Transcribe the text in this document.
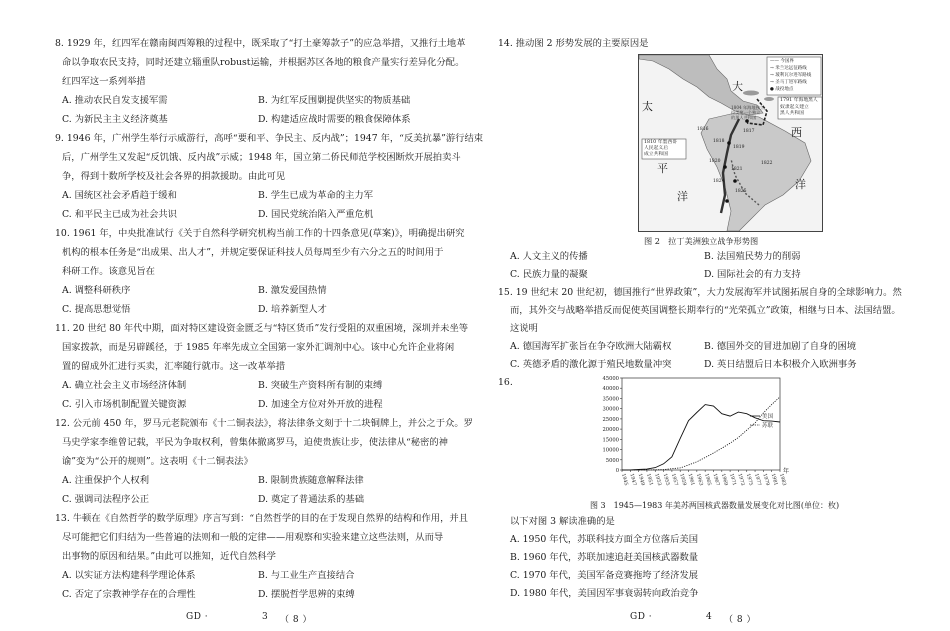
8. 1929 年，红四军在赣南闽西筹粮的过程中，既采取了“打土豪筹款子”的应急举措，又推行土地革
命以争取农民支持，同时还建立辎重队robust运输，并根据苏区各地的粮食产量实行差异化分配。
红四军这一系列举措
A. 推动农民自发支援军需	B. 为红军反围剿提供坚实的物质基础
C. 为新民主主义经济奠基	D. 构建适应战时需要的粮食保障体系
9. 1946 年，广州学生举行示威游行，高呼“要和平、争民主、反内战”；1947 年，“反美抗暴”游行结束
后，广州学生又发起“反饥饿、反内战”示威；1948 年，国立第二侨民师范学校困断炊开展拍卖斗
争，得到十数所学校及社会各界的捐款援助。由此可见
A. 国统区社会矛盾趋于缓和	B. 学生已成为革命的主力军
C. 和平民主已成为社会共识	D. 国民党统治陷入严重危机
10. 1961 年，中央批准试行《关于自然科学研究机构当前工作的十四条意见(草案)》，明确提出研究
机构的根本任务是“出成果、出人才”，并规定要保证科技人员每周至少有六分之五的时间用于
科研工作。该意见旨在
A. 调整科研秩序	B. 激发爱国热情
C. 提高思想觉悟	D. 培养新型人才
11. 20 世纪 80 年代中期，面对特区建设资金匮乏与“特区货币”发行受阻的双重困境，深圳并未坐等
国家拨款，而是另辟蹊径，于 1985 年率先成立全国第一家外汇调剂中心。该中心允许企业将闲
置的留成外汇进行买卖，汇率随行就市。这一改革举措
A. 确立社会主义市场经济体制	B. 突破生产资料所有制的束缚
C. 引入市场机制配置关键资源	D. 加速全方位对外开放的进程
12. 公元前 450 年，罗马元老院颁布《十二铜表法》，将法律条文刻于十二块铜牌上，并公之于众。罗
马史学家李维曾记载，平民为争取权利，曾集体撤离罗马，迫使贵族让步，使法律从“秘密的神
谕”变为“公开的规则”。这表明《十二铜表法》
A. 注重保护个人权利	B. 限制贵族随意解释法律
C. 强调司法程序公正	D. 奠定了普通法系的基础
13. 牛顿在《自然哲学的数学原理》序言写到：“自然哲学的目的在于发现自然界的结构和作用，并且
尽可能把它们归结为一些普遍的法则和一般的定律——用观察和实验来建立这些法则，从而导
出事物的原因和结果。”由此可以推知，近代自然科学
A. 以实证方法构建科学理论体系	B. 与工业生产直接结合
C. 否定了宗教神学存在的合理性	D. 摆脱哲学思辨的束缚
GD ·	3 （ 8 ）
14. 推动图 2 形势发展的主要原因是
太
大
西
平
洋
洋
—— 今国界
→ 米兰达远征路线
→ 玻利瓦尔进军路线
→ 圣马丁进军路线
● 战役地点
1791 年海地黑人
奴隶起义建立
黑人共和国
1810 年墨西哥
人民起义后
成立共和国
1804 年海地独立，
拉美第一个独立
的黑人共和国
1816	1817
1818
1819
1820
1821
1822
1824
1825
图 2　拉丁美洲独立战争形势图
A. 人文主义的传播	B. 法国殖民势力的削弱
C. 民族力量的凝聚	D. 国际社会的有力支持
15. 19 世纪末 20 世纪初，德国推行“世界政策”，大力发展海军并试图拓展自身的全球影响力。然
而，其外交与战略举措反而促使英国调整长期奉行的“光荣孤立”政策，相继与日本、法国结盟。
这说明
A. 德国海军扩张旨在争夺欧洲大陆霸权	B. 德国外交的冒进加剧了自身的困境
C. 英德矛盾的激化源于殖民地数量冲突	D. 英日结盟后日本积极介入欧洲事务
16.
0
5000
10000
15000
20000
25000
30000
35000
40000
45000
1945 1947 1949 1951 1953 1955 1957 1959 1961 1963 1965 1967 1969 1971 1973 1975 1977 1979 1981 1983
年
美国
苏联
图 3　1945—1983 年美苏两国核武器数量发展变化对比图(单位：枚)
以下对图 3 解读准确的是
A. 1950 年代，苏联科技方面全方位落后美国
B. 1960 年代，苏联加速追赶美国核武器数量
C. 1970 年代，美国军备竞赛拖垮了经济发展
D. 1980 年代，美国因军事衰弱转向政治竞争
GD ·	4 （ 8 ）
